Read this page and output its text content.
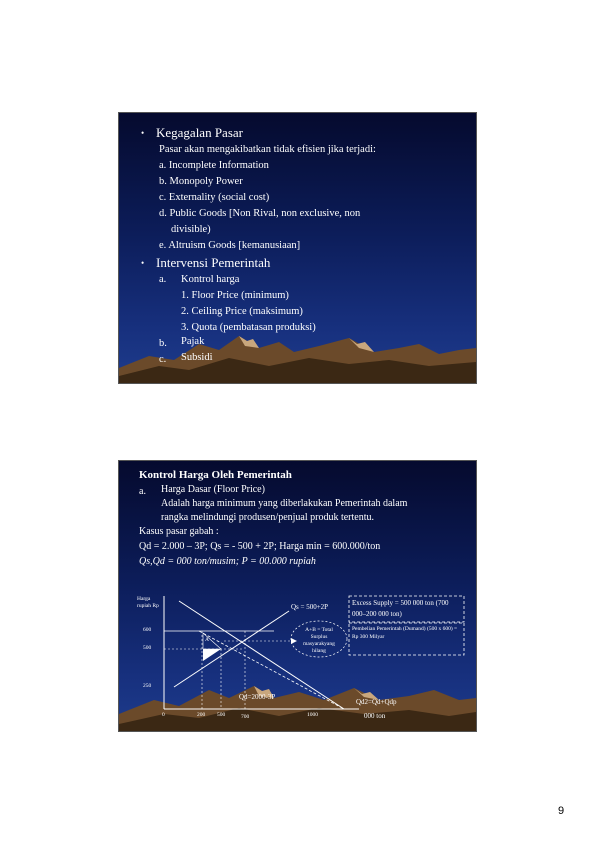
• Kegagalan Pasar
Pasar akan mengakibatkan tidak efisien jika terjadi:
a. Incomplete Information
b. Monopoly Power
c. Externality (social cost)
d. Public Goods [Non Rival, non exclusive, non
divisible)
e. Altruism Goods [kemanusiaan]
• Intervensi Pemerintah
a. Kontrol harga
1. Floor Price (minimum)
2. Ceiling Price (maksimum)
3. Quota (pembatasan produksi)
b. Pajak
c. Subsidi
Kontrol Harga Oleh Pemerintah
a. Harga Dasar (Floor Price)
Adalah harga minimum yang diberlakukan Pemerintah dalam
rangka melindungi produsen/penjual produk tertentu.
Kasus pasar gabah :
Qd = 2.000 – 3P; Qs = - 500 + 2P; Harga min = 600.000/ton
Qs,Qd = 000 ton/musim; P = 00.000 rupiah
Harga rupiah Rp
600
500
250
0	200 500	700	1000
Qs = 500+2P
Qd=2000-3P
A
B
A+B = Total Surplus masyarakyang hilang
Excess Supply = 500 000 ton (700 000–200 000 ton)
Pembelian Pemerintah (Dumand) (500 x 600) = Rp 300 Milyar
Qd2=Qd+Qdp
000 ton
9
